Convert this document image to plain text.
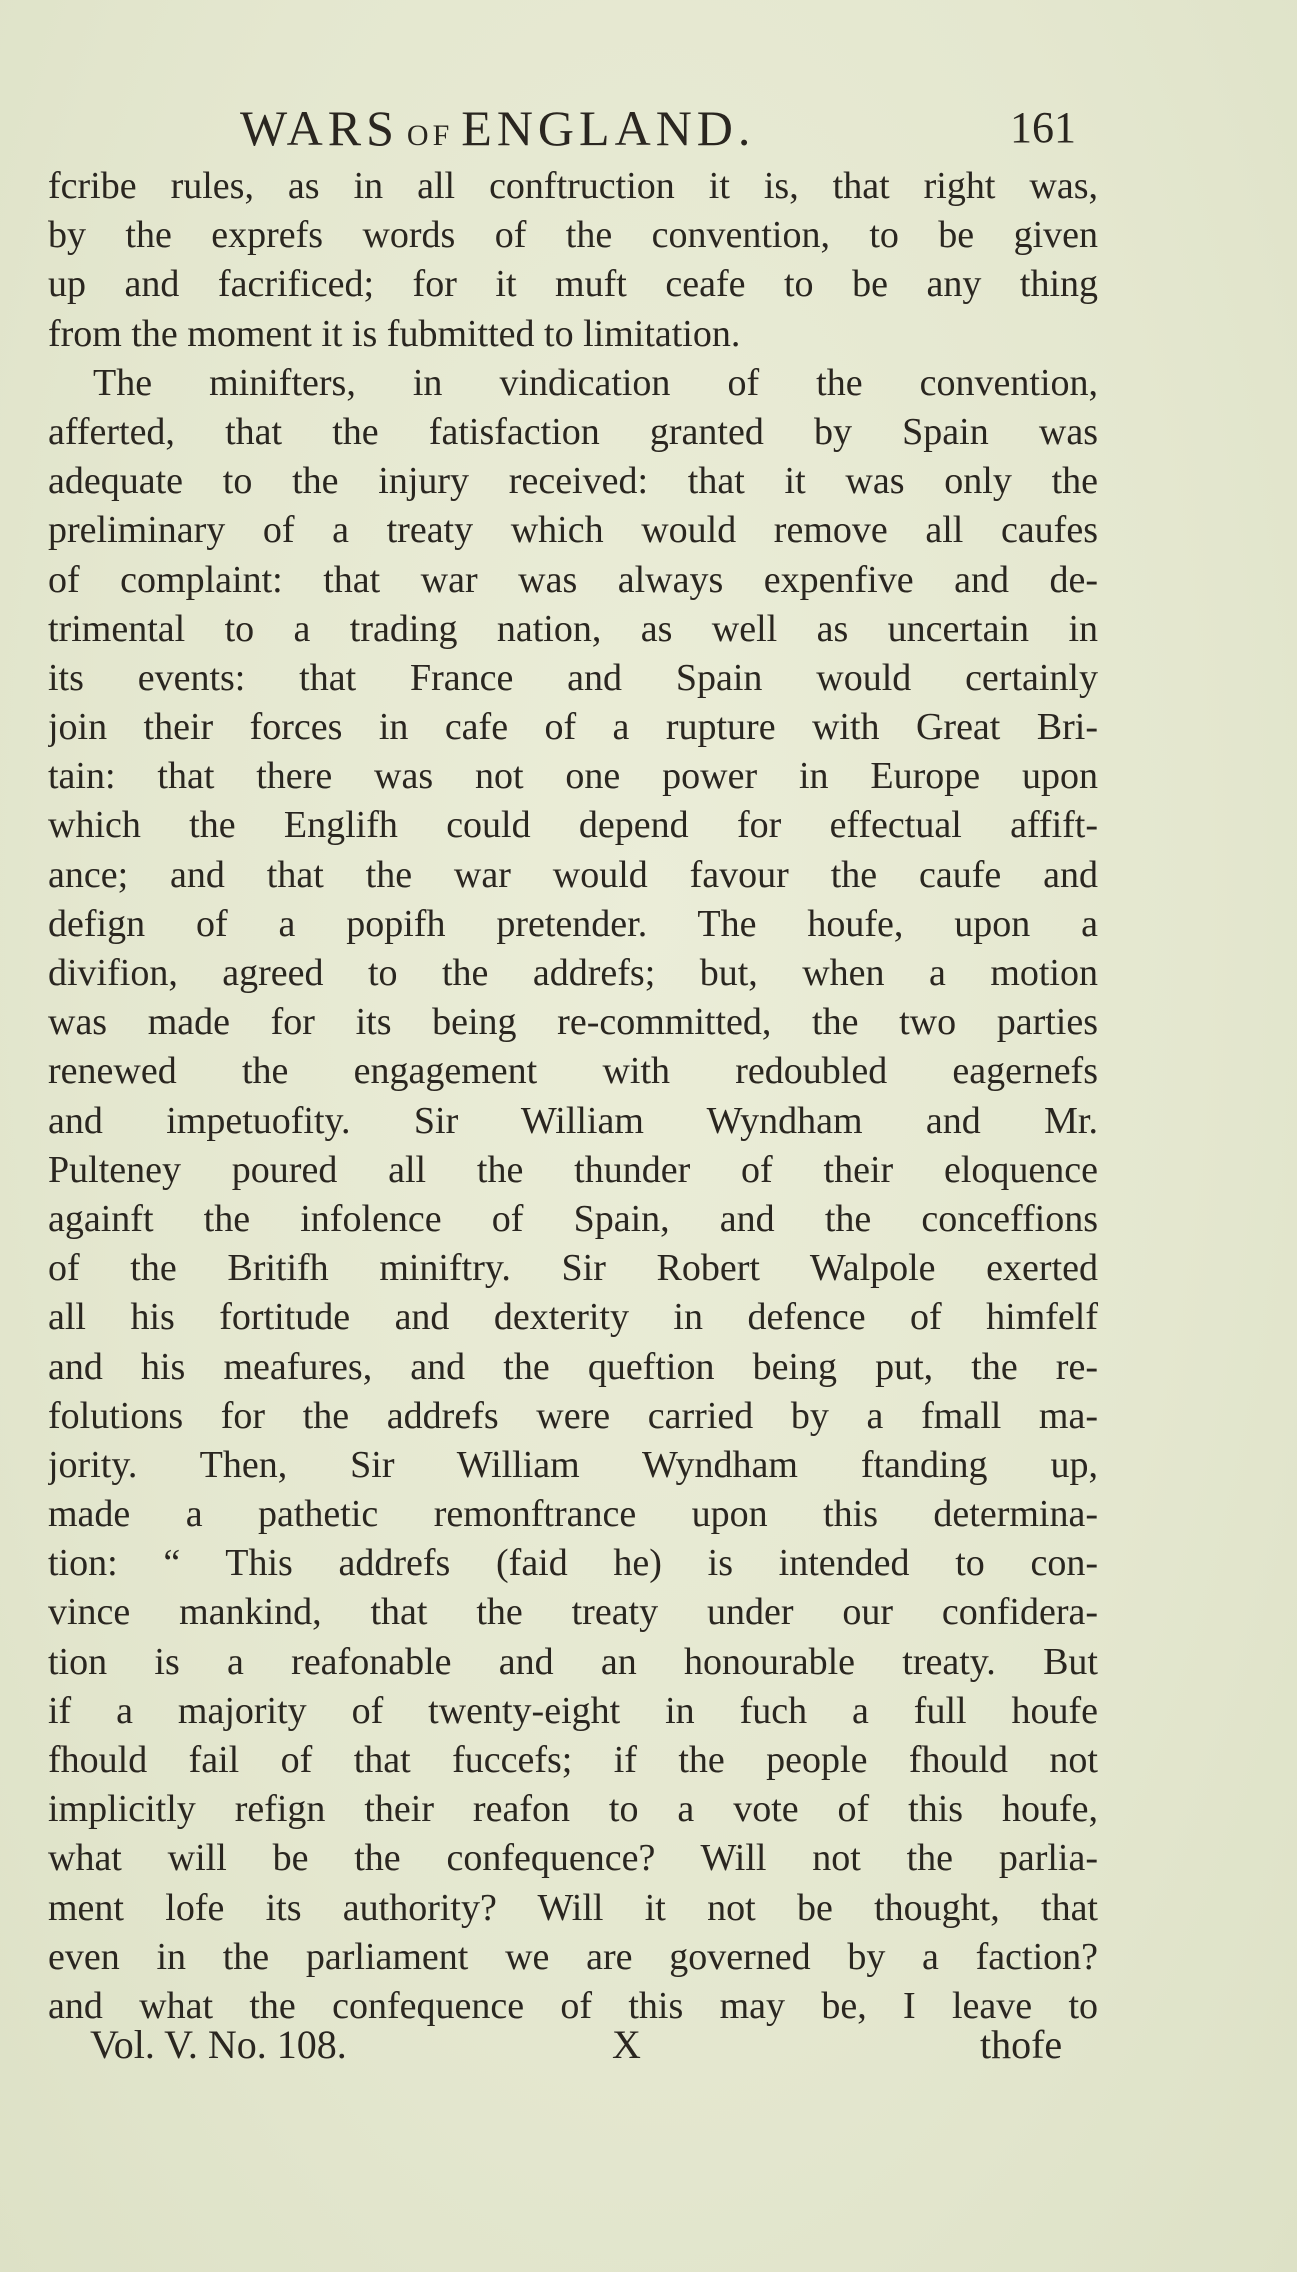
WARS OF ENGLAND.	161
fcribe rules, as in all conftruction it is, that right was,
by the exprefs words of the convention, to be given
up and facrificed; for it muft ceafe to be any thing
from the moment it is fubmitted to limitation.
The minifters, in vindication of the convention,
afferted, that the fatisfaction granted by Spain was
adequate to the injury received: that it was only the
preliminary of a treaty which would remove all caufes
of complaint: that war was always expenfive and de-
trimental to a trading nation, as well as uncertain in
its events: that France and Spain would certainly
join their forces in cafe of a rupture with Great Bri-
tain: that there was not one power in Europe upon
which the Englifh could depend for effectual affift-
ance; and that the war would favour the caufe and
defign of a popifh pretender. The houfe, upon a
divifion, agreed to the addrefs; but, when a motion
was made for its being re-committed, the two parties
renewed the engagement with redoubled eagernefs
and impetuofity. Sir William Wyndham and Mr.
Pulteney poured all the thunder of their eloquence
againft the infolence of Spain, and the conceffions
of the Britifh miniftry. Sir Robert Walpole exerted
all his fortitude and dexterity in defence of himfelf
and his meafures, and the queftion being put, the re-
folutions for the addrefs were carried by a fmall ma-
jority. Then, Sir William Wyndham ftanding up,
made a pathetic remonftrance upon this determina-
tion: “ This addrefs (faid he) is intended to con-
vince mankind, that the treaty under our confidera-
tion is a reafonable and an honourable treaty. But
if a majority of twenty-eight in fuch a full houfe
fhould fail of that fuccefs; if the people fhould not
implicitly refign their reafon to a vote of this houfe,
what will be the confequence? Will not the parlia-
ment lofe its authority? Will it not be thought, that
even in the parliament we are governed by a faction?
and what the confequence of this may be, I leave to
Vol. V. No. 108.	X	thofe
